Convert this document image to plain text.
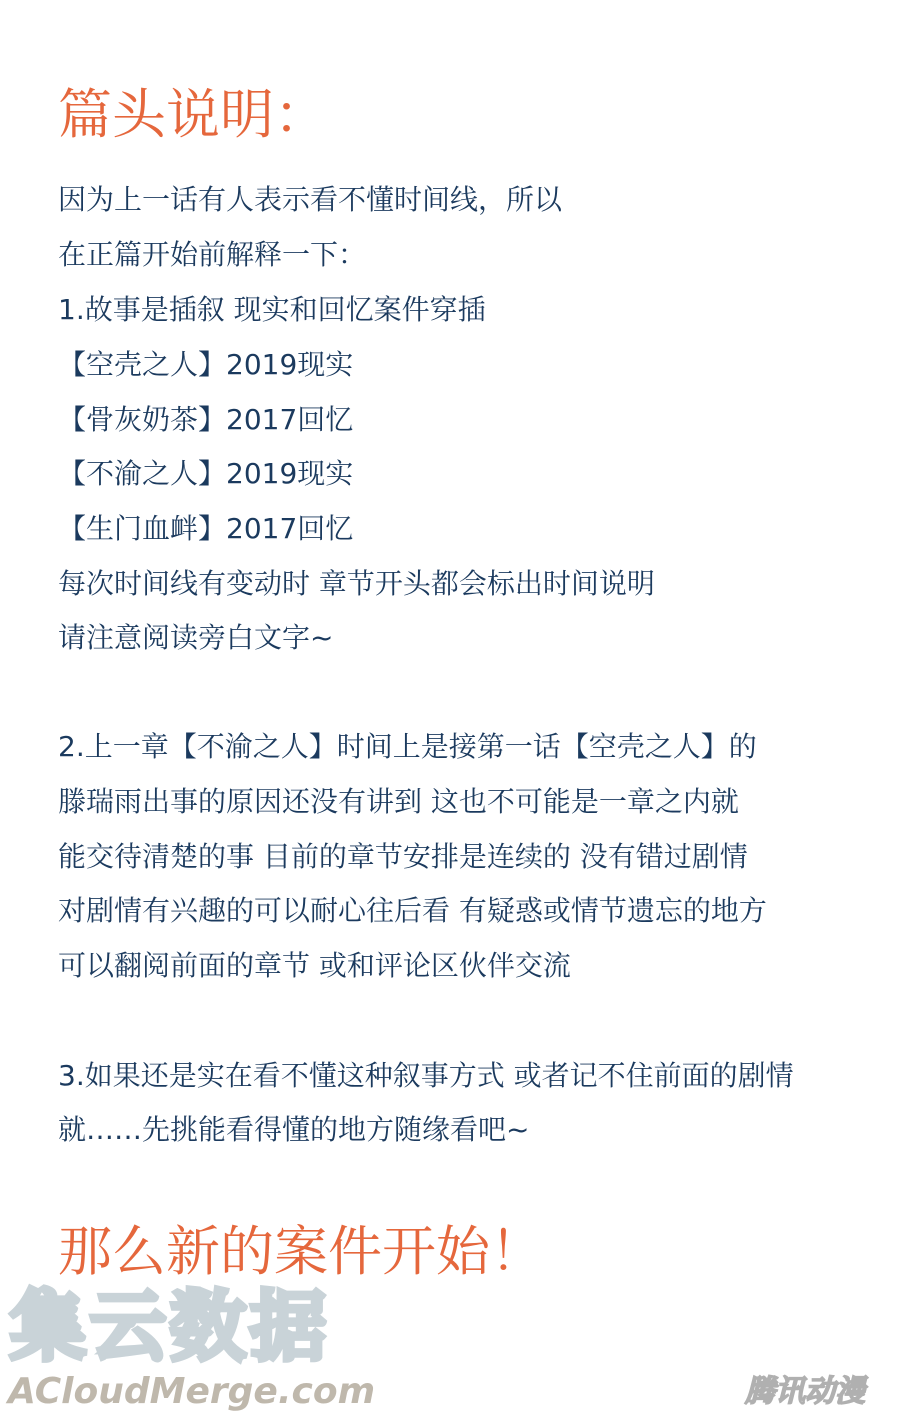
篇头说明：
因为上一话有人表示看不懂时间线，所以
在正篇开始前解释一下：
1.故事是插叙 现实和回忆案件穿插
【空壳之人】2019现实
【骨灰奶茶】2017回忆
【不渝之人】2019现实
【生门血衅】2017回忆
每次时间线有变动时 章节开头都会标出时间说明
请注意阅读旁白文字~
2.上一章【不渝之人】时间上是接第一话【空壳之人】的
滕瑞雨出事的原因还没有讲到 这也不可能是一章之内就
能交待清楚的事 目前的章节安排是连续的 没有错过剧情
对剧情有兴趣的可以耐心往后看 有疑惑或情节遗忘的地方
可以翻阅前面的章节 或和评论区伙伴交流
3.如果还是实在看不懂这种叙事方式 或者记不住前面的剧情
就……先挑能看得懂的地方随缘看吧~
那么新的案件开始！
集云数据
ACloudMerge.com	腾讯动漫
